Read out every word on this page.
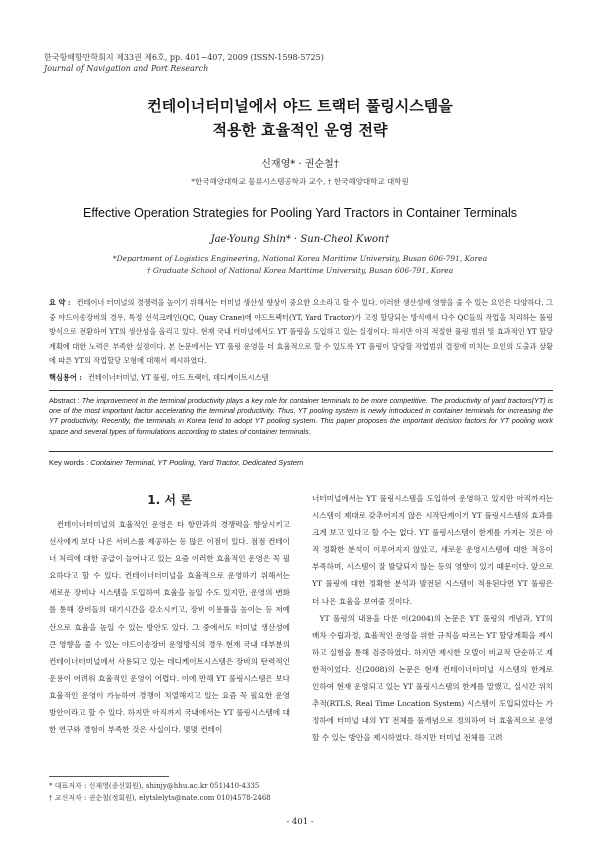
한국항해항만학회지 제33권 제6호, pp. 401~407, 2009 (ISSN-1598-5725)
Journal of Navigation and Port Research
컨테이너터미널에서 야드 트랙터 풀링시스템을
적용한 효율적인 운영 전략
신재영* · 권순철†
*한국해양대학교 물류시스템공학과 교수, † 한국해양대학교 대학원
Effective Operation Strategies for Pooling Yard Tractors in Container Terminals
Jae-Young Shin* · Sun-Cheol Kwon†
*Department of Logistics Engineering, National Korea Maritime University, Busan 606-791, Korea
† Graduate School of National Korea Maritime University, Busan 606-791, Korea
요 약 : 컨테이너 터미널의 경쟁력을 높이기 위해서는 터미널 생산성 향상이 중요한 요소라고 할 수 있다. 이러한 생산성에 영향을 줄 수 있는 요인은 다양하다. 그 중 야드이송장비의 경우, 특정 선석크레인(QC, Quay Crane)에 야드트랙터(YT, Yard Tractor)가 고정 할당되는 방식에서 다수 QC들의 작업을 처리하는 풀링 방식으로 전환하여 YT의 생산성을 올리고 있다. 현재 국내 터미널에서도 YT 풀링을 도입하고 있는 실정이다. 하지만 아직 적절한 풀링 범위 및 효과적인 YT 할당 계획에 대한 노력은 부족한 실정이다. 본 논문에서는 YT 풀링 운영을 더 효율적으로 할 수 있도록 YT 풀링이 담당할 작업범위 결정에 미치는 요인의 도출과 상황에 따른 YT의 작업할당 모형에 대해서 제시하였다.
핵심용어 : 컨테이너터미널, YT 풀링, 야드 트랙터, 데디케이트시스템
Abstract : The improvement in the terminal productivity plays a key role for container terminals to be more competitive. The productivity of yard tractors(YT) is one of the most important factor accelerating the terminal productivity. Thus, YT pooling system is newly introduced in container terminals for increasing the YT productivity. Recently, the terminals in Korea tend to adopt YT pooling system. This paper proposes the important decision factors for YT pooling work space and several types of formulations according to states of container terminals.
Key words : Container Terminal, YT Pooling, Yard Tractor, Dedicated System
1. 서 론

컨테이너터미널의 효율적인 운영은 타 항만과의 경쟁력을 향상시키고 선사에게 보다 나은 서비스를 제공하는 등 많은 이점이 있다. 점점 컨테이너 처리에 대한 공급이 늘어나고 있는 요즘 이러한 효율적인 운영은 꼭 필요하다고 할 수 있다. 컨테이너터미널을 효율적으로 운영하기 위해서는 새로운 장비나 시스템을 도입하여 효율을 높일 수도 있지만, 운영의 변화를 통해 장비들의 대기시간을 감소시키고, 장비 이용률을 높이는 등 저예산으로 효율을 높일 수 있는 방안도 있다. 그 중에서도 터미널 생산성에 큰 영향을 줄 수 있는 야드이송장비 운영방식의 경우 현재 국내 대부분의 컨테이너터미널에서 사용되고 있는 데디케이트시스템은 장비의 탄력적인 운용이 어려워 효율적인 운영이 어렵다. 이에 반해 YT 풀링시스템은 보다 효율적인 운영이 가능하여 경쟁이 치열해지고 있는 요즘 꼭 필요한 운영방안이라고 할 수 있다. 하지만 아직까지 국내에서는 YT 풀링시스템에 대한 연구와 경험이 부족한 것은 사실이다. 몇몇 컨테이

너터미널에서는 YT 풀링시스템을 도입하여 운영하고 있지만 아직까지는 시스템이 제대로 갖추어지지 않은 시작단계이기 YT 풀링시스템의 효과를 크게 보고 있다고 할 수는 없다. YT 풀링시스템이 한계를 가지는 것은 아직 정확한 분석이 이루어지지 않았고, 새로운 운영시스템에 대한 적응이 부족하며, 시스템이 잘 발달되지 않는 등의 영향이 있기 때문이다. 앞으로 YT 풀링에 대한 정확한 분석과 발전된 시스템이 적용된다면 YT 풀링은 더 나은 효율을 보여줄 것이다.

YT 풀링의 내용을 다룬 이(2004)의 논문은 YT 풀링의 개념과, YT의 배차 수립과정, 효율적인 운영을 위한 규칙을 따르는 YT 할당계획을 제시하고 실험을 통해 검증하였다. 하지만 제시한 모델이 비교적 단순하고 제한적이었다. 신(2008)의 논문은 현재 컨테이너터미널 시스템의 한계로 인하여 현재 운영되고 있는 YT 풀링시스템의 한계를 말했고, 실시간 위치추적(RTLS, Real Time Location System) 시스템이 도입되었다는 가정하에 터미널 내의 YT 전체를 풀개념으로 정의하여 더 효율적으로 운영할 수 있는 방안을 제시하였다. 하지만 터미널 전체를 고려

* 대표저자 : 신재영(종신회원), shinjy@hhu.ac.kr 051)410-4335
† 교신저자 : 권순철(정회원), elytslelyts@nate.com 010)4578-2468
- 401 -
